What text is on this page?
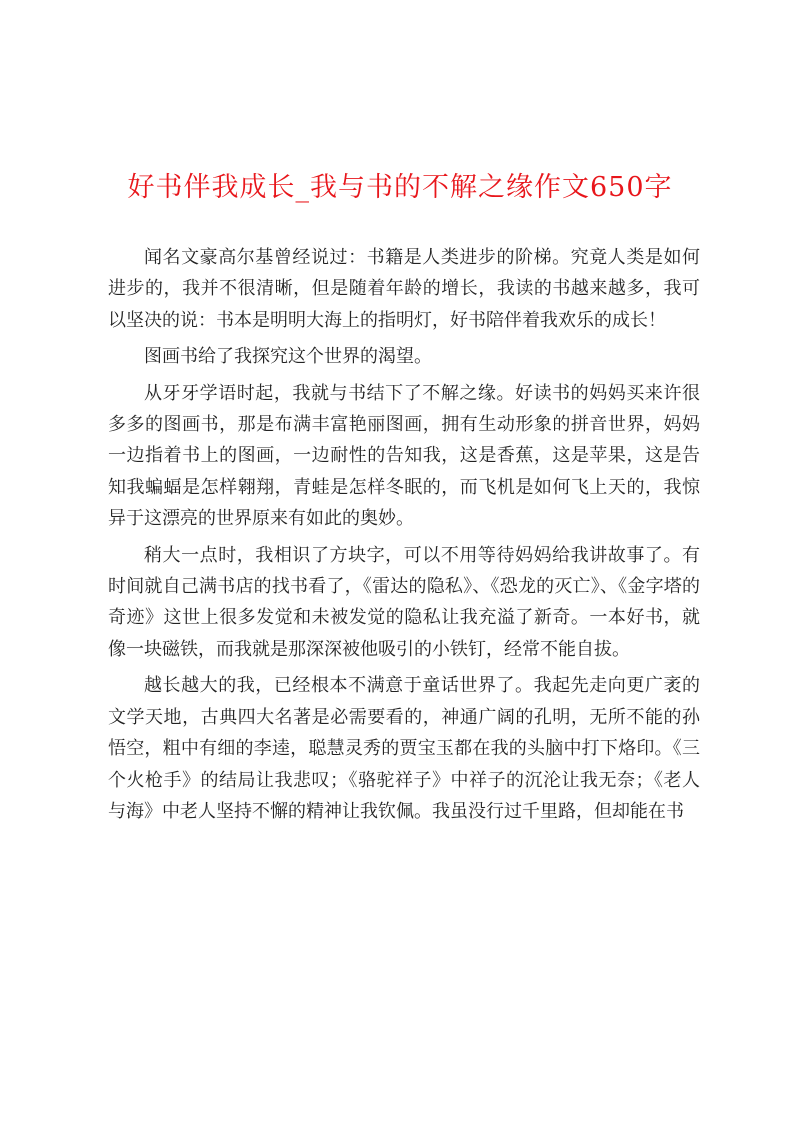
好书伴我成长_我与书的不解之缘作文650字

闻名文豪高尔基曾经说过：书籍是人类进步的阶梯。究竟人类是如何进步的，我并不很清晰，但是随着年龄的增长，我读的书越来越多，我可以坚决的说：书本是明明大海上的指明灯，好书陪伴着我欢乐的成长！

图画书给了我探究这个世界的渴望。

从牙牙学语时起，我就与书结下了不解之缘。好读书的妈妈买来许很多多的图画书，那是布满丰富艳丽图画，拥有生动形象的拼音世界，妈妈一边指着书上的图画，一边耐性的告知我，这是香蕉，这是苹果，这是告知我蝙蝠是怎样翱翔，青蛙是怎样冬眠的，而飞机是如何飞上天的，我惊异于这漂亮的世界原来有如此的奥妙。

稍大一点时，我相识了方块字，可以不用等待妈妈给我讲故事了。有时间就自己满书店的找书看了，《雷达的隐私》、《恐龙的灭亡》、《金字塔的奇迹》这世上很多发觉和未被发觉的隐私让我充溢了新奇。一本好书，就像一块磁铁，而我就是那深深被他吸引的小铁钉，经常不能自拔。

越长越大的我，已经根本不满意于童话世界了。我起先走向更广袤的文学天地，古典四大名著是必需要看的，神通广阔的孔明，无所不能的孙悟空，粗中有细的李逵，聪慧灵秀的贾宝玉都在我的头脑中打下烙印。《三个火枪手》的结局让我悲叹；《骆驼祥子》中祥子的沉沦让我无奈；《老人与海》中老人坚持不懈的精神让我钦佩。我虽没行过千里路，但却能在书
